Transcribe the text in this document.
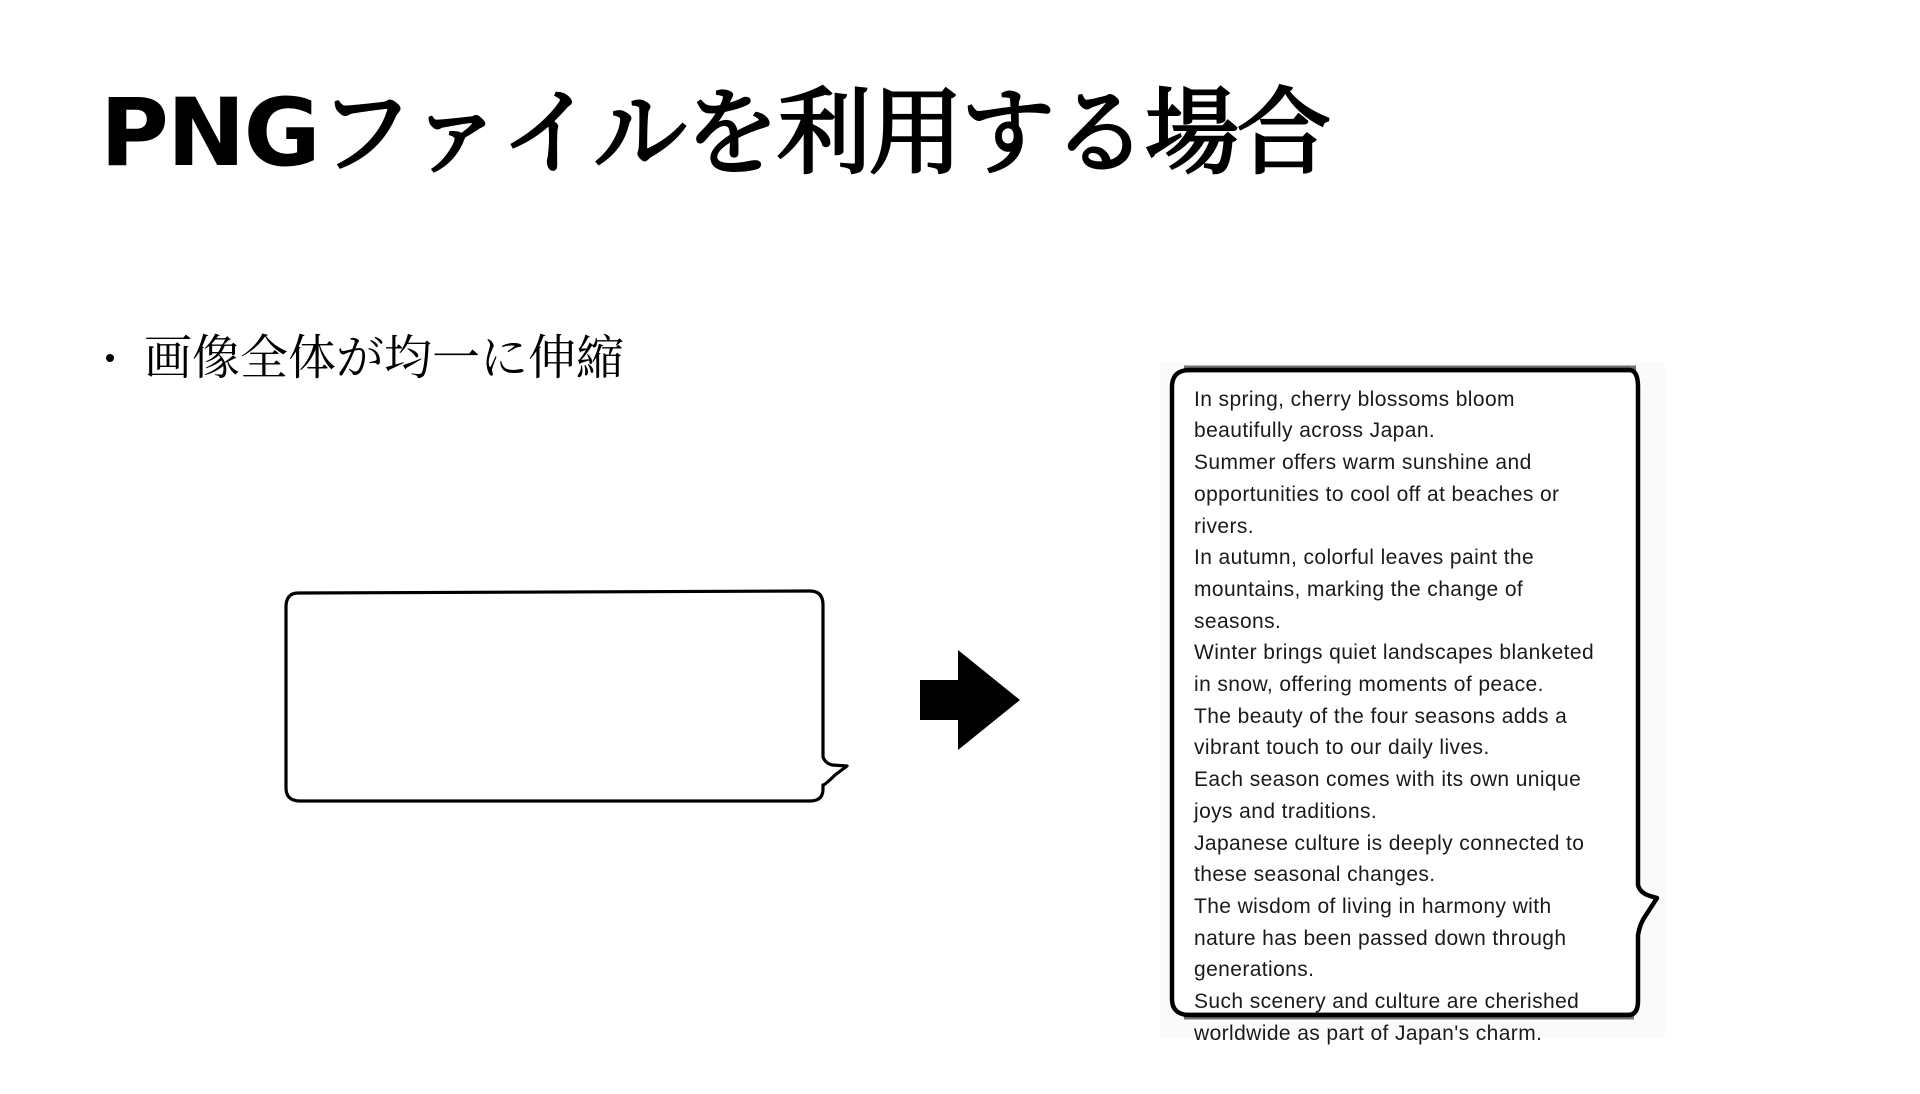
PNGファイルを利用する場合
画像全体が均一に伸縮

In spring, cherry blossoms bloom
beautifully across Japan.
Summer offers warm sunshine and
opportunities to cool off at beaches or
rivers.
In autumn, colorful leaves paint the
mountains, marking the change of
seasons.
Winter brings quiet landscapes blanketed
in snow, offering moments of peace.
The beauty of the four seasons adds a
vibrant touch to our daily lives.
Each season comes with its own unique
joys and traditions.
Japanese culture is deeply connected to
these seasonal changes.
The wisdom of living in harmony with
nature has been passed down through
generations.
Such scenery and culture are cherished
worldwide as part of Japan's charm.
